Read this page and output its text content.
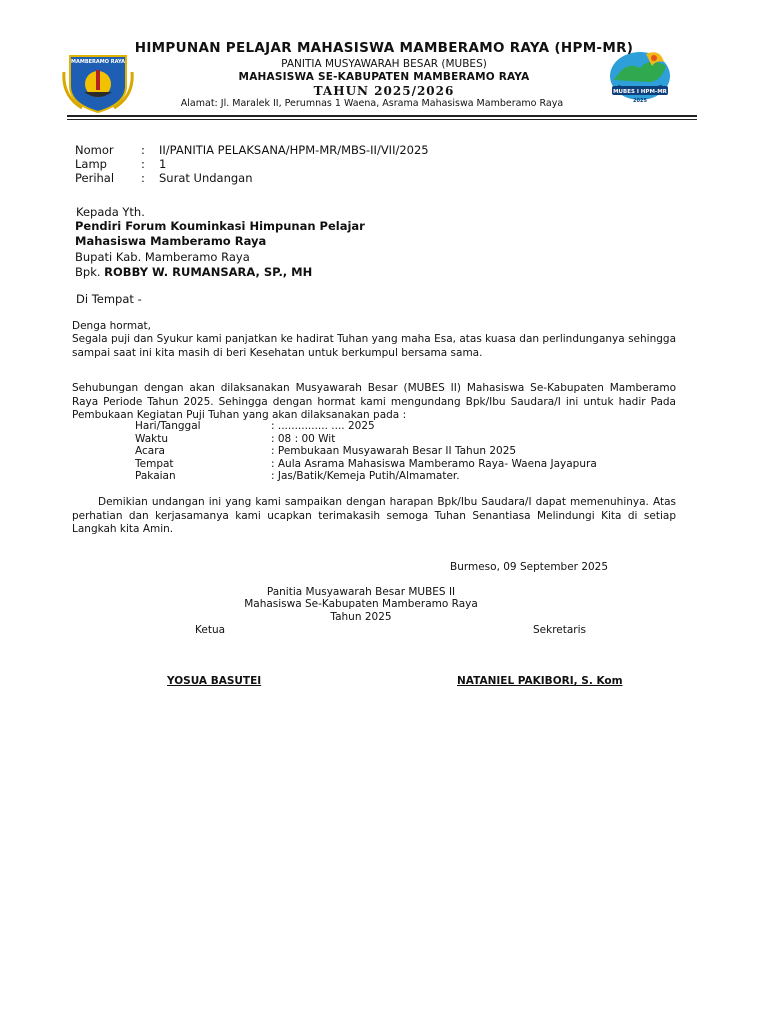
MAMBERAMO RAYA
MUBES I HPM-MR
2025
HIMPUNAN PELAJAR MAHASISWA MAMBERAMO RAYA (HPM-MR)
PANITIA MUSYAWARAH BESAR (MUBES)
MAHASISWA SE-KABUPATEN MAMBERAMO RAYA
TAHUN 2025/2026
Alamat: Jl. Maralek II, Perumnas 1 Waena, Asrama Mahasiswa Mamberamo Raya
Nomor : II/PANITIA PELAKSANA/HPM-MR/MBS-II/VII/2025
Lamp	: 1
Perihal : Surat Undangan
Kepada Yth.
Pendiri Forum Kouminkasi Himpunan Pelajar
Mahasiswa Mamberamo Raya
Bupati Kab. Mamberamo Raya
Bpk. ROBBY W. RUMANSARA, SP., MH
Di Tempat -
Denga hormat,
Segala puji dan Syukur kami panjatkan ke hadirat Tuhan yang maha Esa, atas kuasa dan perlindunganya sehingga sampai saat ini kita masih di beri Kesehatan untuk berkumpul bersama sama.
Sehubungan dengan akan dilaksanakan Musyawarah Besar (MUBES II) Mahasiswa Se-Kabupaten Mamberamo Raya Periode Tahun 2025. Sehingga dengan hormat kami mengundang Bpk/Ibu Saudara/I ini untuk hadir Pada Pembukaan Kegiatan Puji Tuhan yang akan dilaksanakan pada :
Hari/Tanggal	: ............... .... 2025
Waktu	: 08 : 00 Wit
Acara	: Pembukaan Musyawarah Besar II Tahun 2025
Tempat	: Aula Asrama Mahasiswa Mamberamo Raya- Waena Jayapura
Pakaian	: Jas/Batik/Kemeja Putih/Almamater.
Demikian undangan ini yang kami sampaikan dengan harapan Bpk/Ibu Saudara/I dapat memenuhinya. Atas perhatian dan kerjasamanya kami ucapkan terimakasih semoga Tuhan Senantiasa Melindungi Kita di setiap Langkah kita Amin.
Burmeso, 09 September 2025
Panitia Musyawarah Besar MUBES II
Mahasiswa Se-Kabupaten Mamberamo Raya
Tahun 2025
Ketua	Sekretaris
YOSUA BASUTEI	NATANIEL PAKIBORI, S. Kom
